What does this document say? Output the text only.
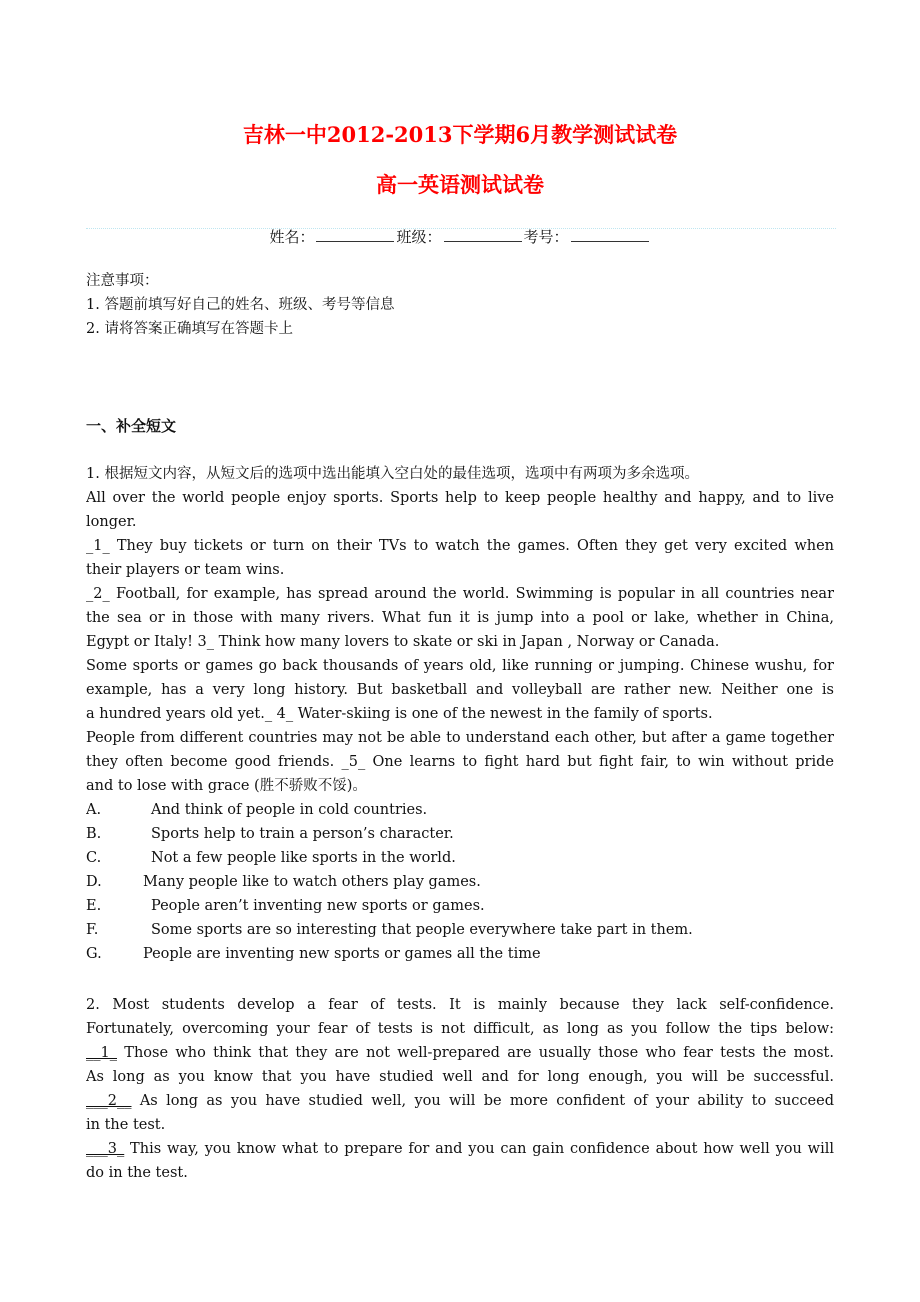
吉林一中2012-2013下学期6月教学测试试卷
高一英语测试试卷
姓名：	班级：	考号：
注意事项：
1. 答题前填写好自己的姓名、班级、考号等信息
2. 请将答案正确填写在答题卡上
一、补全短文
1. 根据短文内容，从短文后的选项中选出能填入空白处的最佳选项，选项中有两项为多余选项。
All over the world people enjoy sports. Sports help to keep people healthy and happy, and to live
longer.
_1_ They buy tickets or turn on their TVs to watch the games. Often they get very excited when
their players or team wins.
_2_ Football, for example, has spread around the world. Swimming is popular in all countries near
the sea or in those with many rivers. What fun it is jump into a pool or lake, whether in China,
Egypt or Italy! 3_ Think how many lovers to skate or ski in Japan , Norway or Canada.
Some sports or games go back thousands of years old, like running or jumping. Chinese wushu, for
example, has a very long history. But basketball and volleyball are rather new. Neither one is
a hundred years old yet._ 4_ Water-skiing is one of the newest in the family of sports.
People from different countries may not be able to understand each other, but after a game together
they often become good friends. _5_ One learns to fight hard but fight fair, to win without pride
and to lose with grace (胜不骄败不馁)。
A.	And think of people in cold countries.
B.	Sports help to train a person’s character.
C.	Not a few people like sports in the world.
D.	Many people like to watch others play games.
E.	People aren’t inventing new sports or games.
F.	Some sports are so interesting that people everywhere take part in them.
G.	People are inventing new sports or games all the time
2. Most students develop a fear of tests. It is mainly because they lack self-confidence.
Fortunately, overcoming your fear of tests is not difficult, as long as you follow the tips below:
__1_ Those who think that they are not well-prepared are usually those who fear tests the most.
As long as you know that you have studied well and for long enough, you will be successful.
___2__ As long as you have studied well, you will be more confident of your ability to succeed
in the test.
___3_ This way, you know what to prepare for and you can gain confidence about how well you will
do in the test.
